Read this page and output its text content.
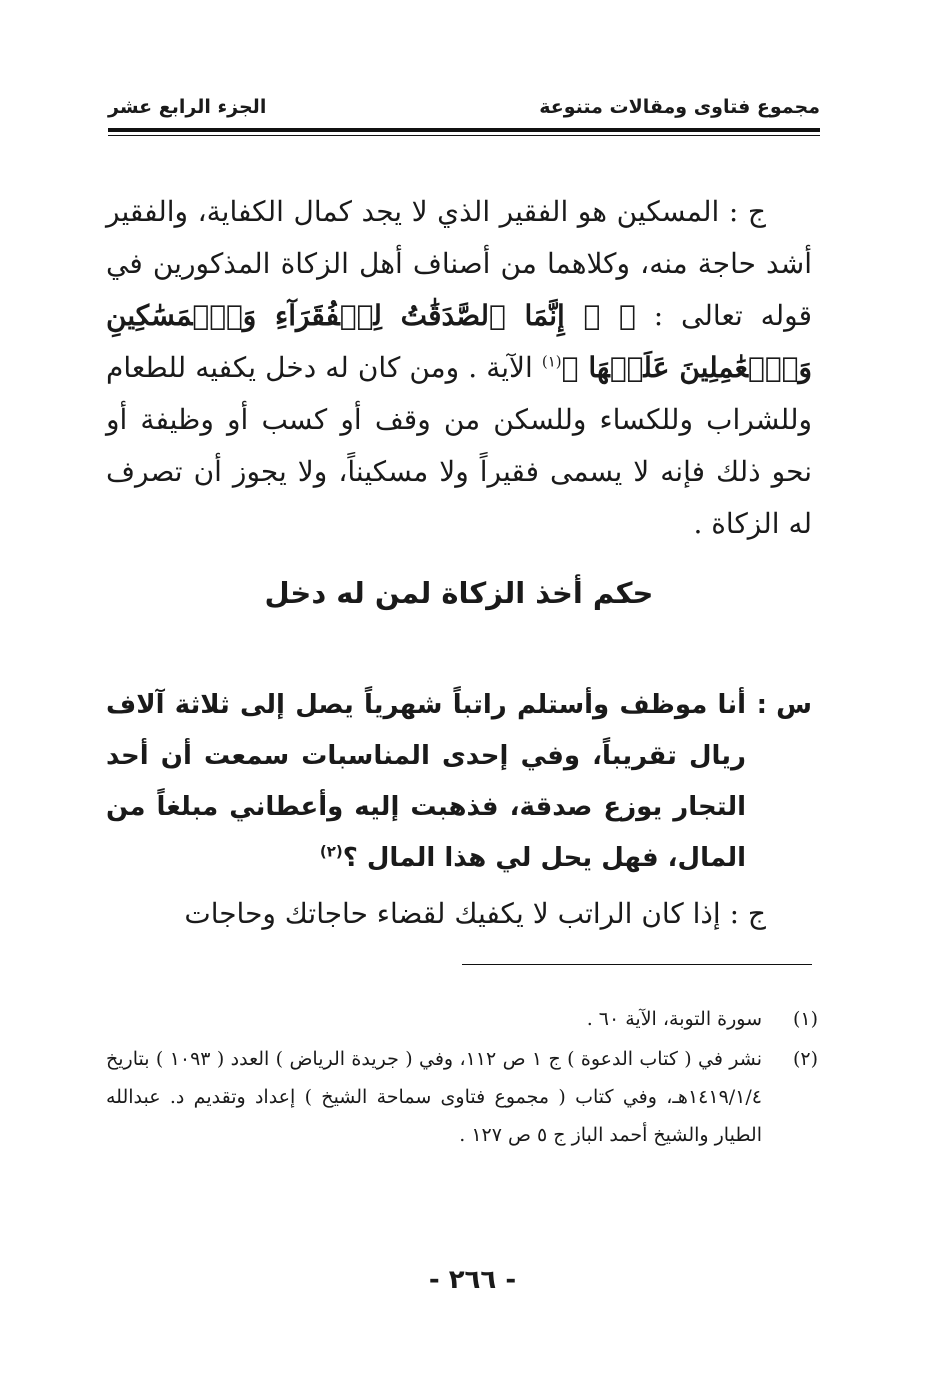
مجموع فتاوى ومقالات متنوعة
الجزء الرابع عشر
ج : المسكين هو الفقير الذي لا يجد كمال الكفاية، والفقير أشد حاجة منه، وكلاهما من أصناف أهل الزكاة المذكورين في قوله تعالى : ﴿ ۞ إِنَّمَا ٱلصَّدَقَٰتُ لِلۡفُقَرَآءِ وَٱلۡمَسَٰكِينِ وَٱلۡعَٰمِلِينَ عَلَيۡهَا ﴾$^{(١)}$ الآية . ومن كان له دخل يكفيه للطعام وللشراب وللكساء وللسكن من وقف أو كسب أو وظيفة أو نحو ذلك فإنه لا يسمى فقيراً ولا مسكيناً، ولا يجوز أن تصرف له الزكاة .
حكم أخذ الزكاة لمن له دخل
س :
أنا موظف وأستلم راتباً شهرياً يصل إلى ثلاثة آلاف ريال تقريباً، وفي إحدى المناسبات سمعت أن أحد التجار يوزع صدقة، فذهبت إليه وأعطاني مبلغاً من المال، فهل يحل لي هذا المال ؟$^{(٢)}$
ج : إذا كان الراتب لا يكفيك لقضاء حاجاتك وحاجات
(١)
سورة التوبة، الآية ٦٠ .
(٢)
نشر في ( كتاب الدعوة ) ج ١ ص ١١٢، وفي ( جريدة الرياض ) العدد ( ١٠٩٣ ) بتاريخ ١٤١٩/١/٤هـ، وفي كتاب ( مجموع فتاوى سماحة الشيخ ) إعداد وتقديم د. عبدالله الطيار والشيخ أحمد الباز ج ٥ ص ١٢٧ .
- ٢٦٦ -
